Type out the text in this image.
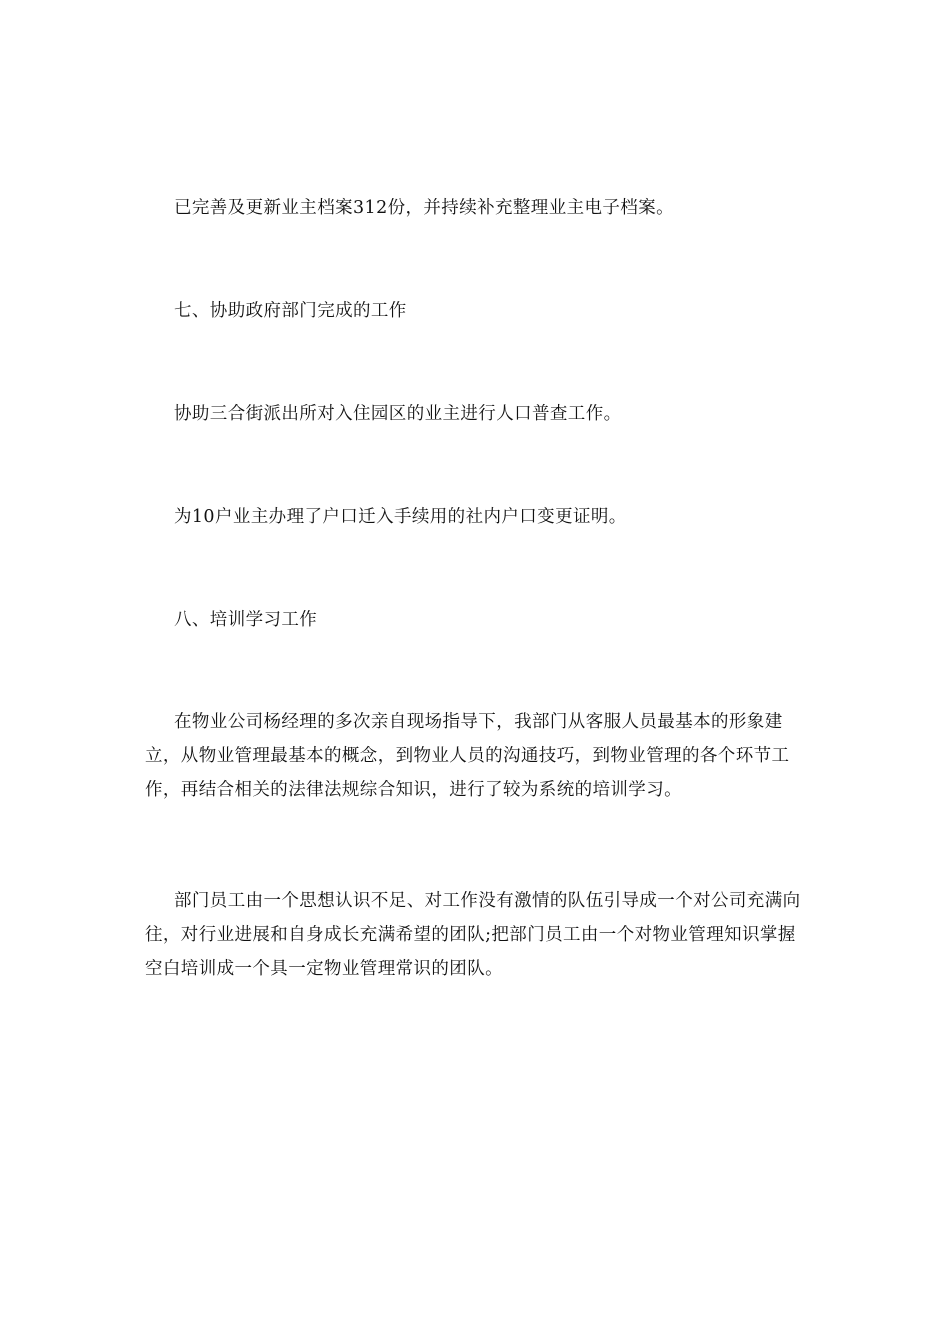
已完善及更新业主档案312份，并持续补充整理业主电子档案。

七、协助政府部门完成的工作

协助三合街派出所对入住园区的业主进行人口普查工作。

为10户业主办理了户口迁入手续用的社内户口变更证明。

八、培训学习工作

在物业公司杨经理的多次亲自现场指导下，我部门从客服人员最基本的形象建立，从物业管理最基本的概念，到物业人员的沟通技巧，到物业管理的各个环节工作，再结合相关的法律法规综合知识，进行了较为系统的培训学习。

部门员工由一个思想认识不足、对工作没有激情的队伍引导成一个对公司充满向往，对行业进展和自身成长充满希望的团队;把部门员工由一个对物业管理知识掌握空白培训成一个具一定物业管理常识的团队。
